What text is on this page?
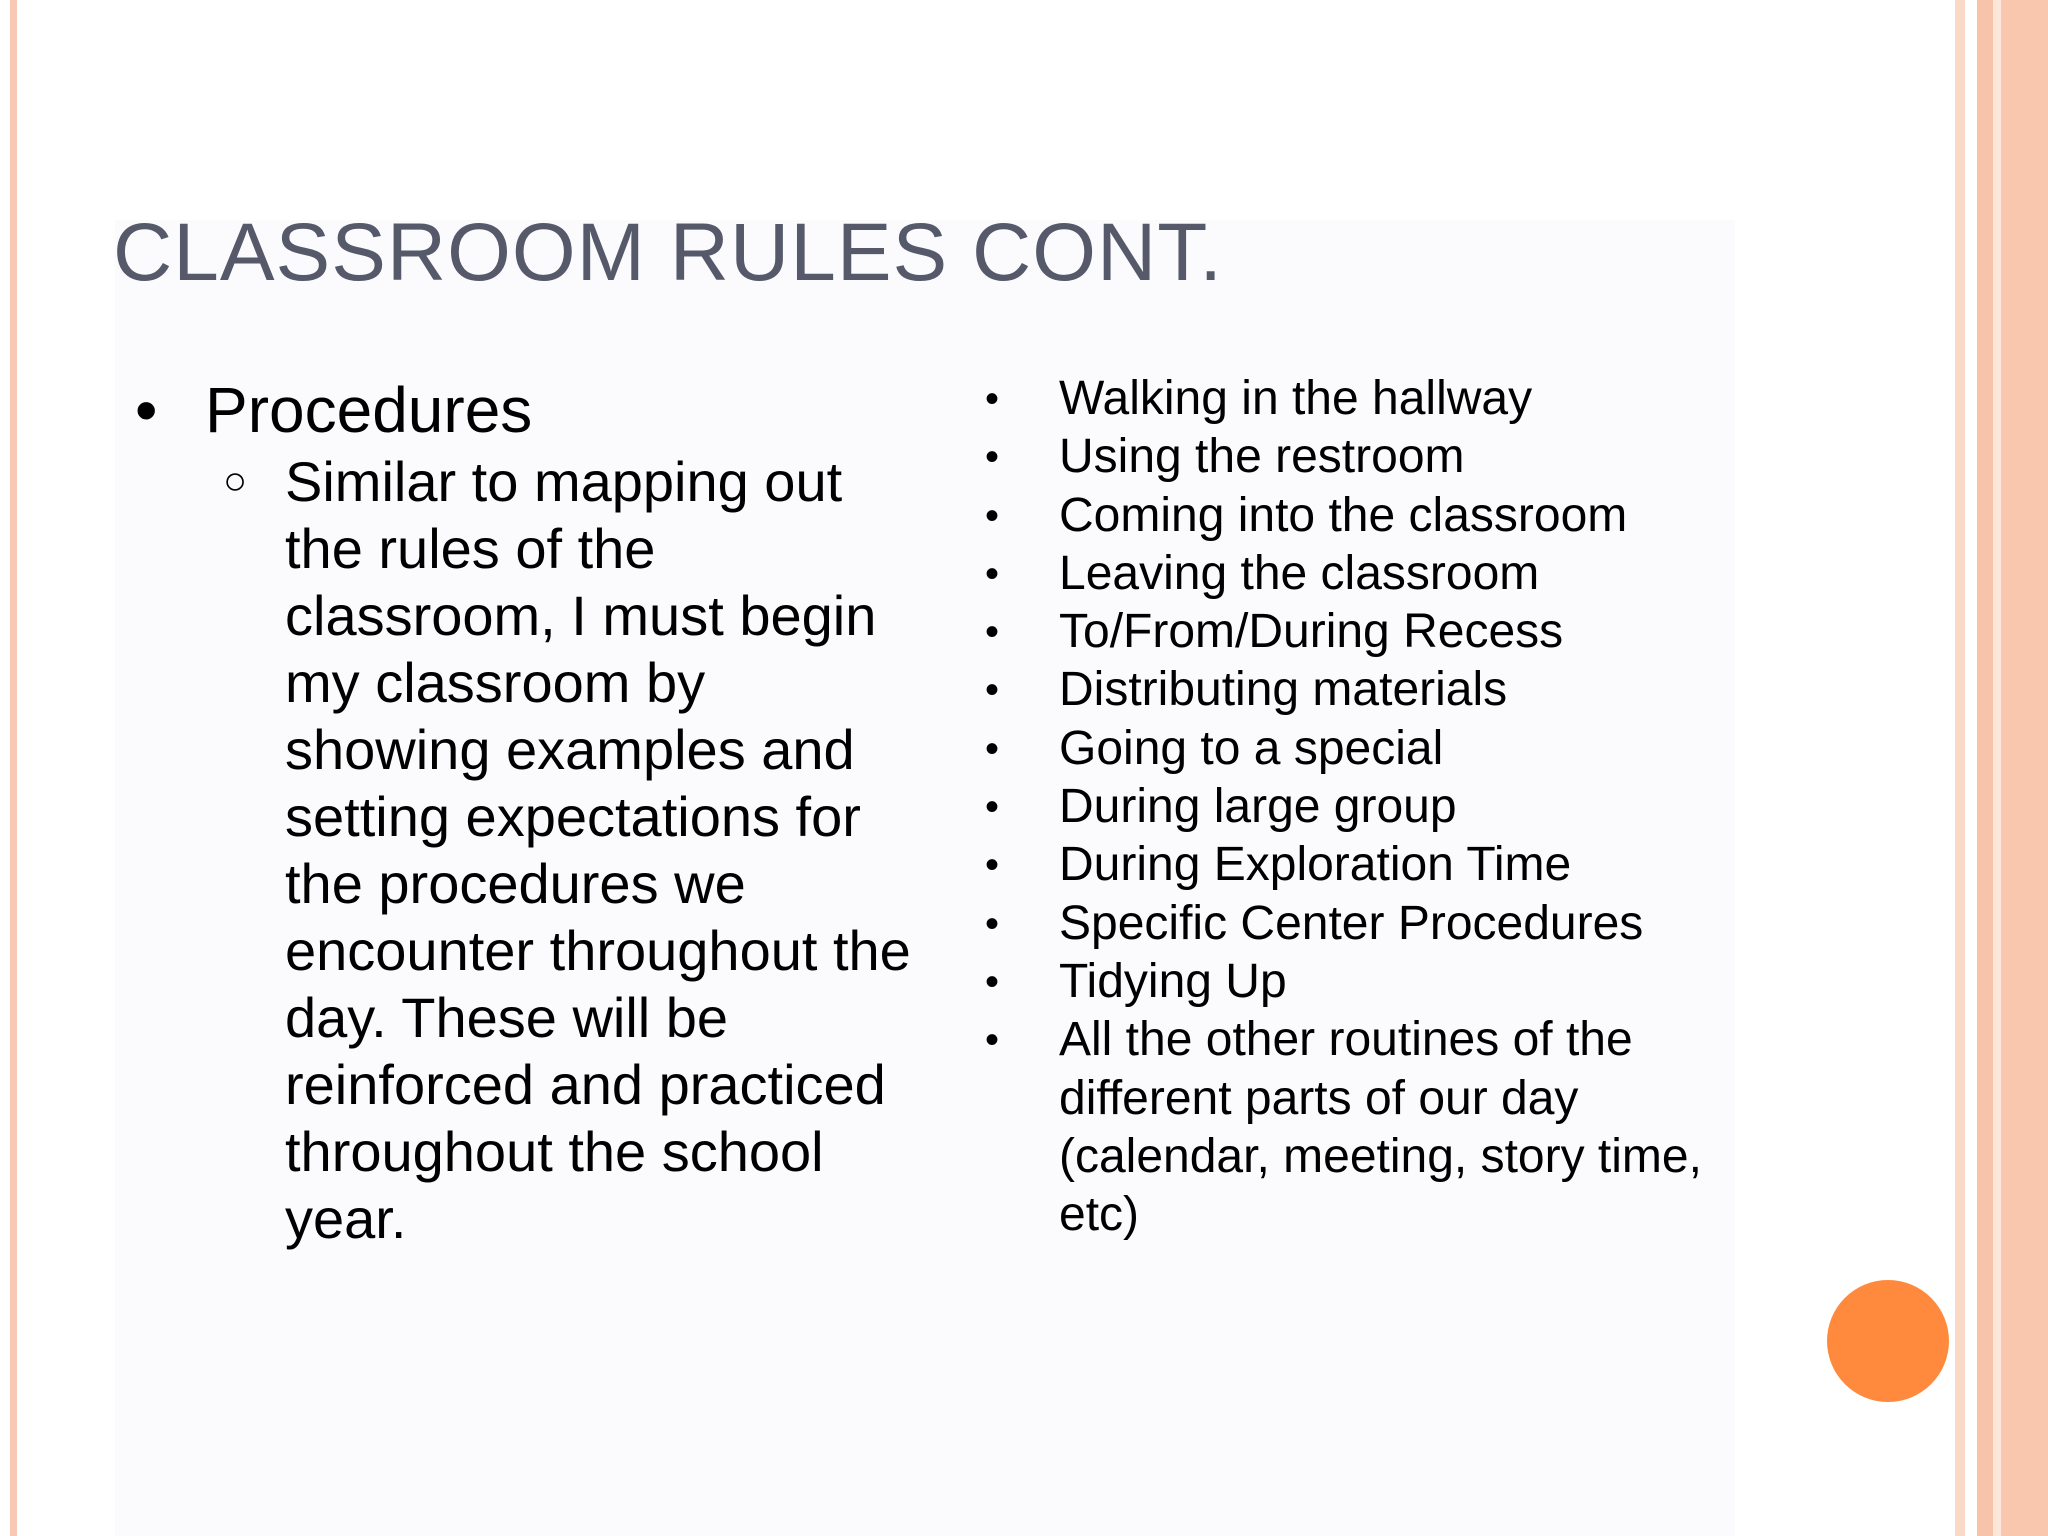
CLASSROOM RULES CONT.
• Procedures
○ Similar to mapping out the rules of the classroom, I must begin my classroom by showing examples and setting expectations for the procedures we encounter throughout the day. These will be reinforced and practiced throughout the school year.
• Walking in the hallway
• Using the restroom
• Coming into the classroom
• Leaving the classroom
• To/From/During Recess
• Distributing materials
• Going to a special
• During large group
• During Exploration Time
• Specific Center Procedures
• Tidying Up
• All the other routines of the different parts of our day (calendar, meeting, story time, etc)
